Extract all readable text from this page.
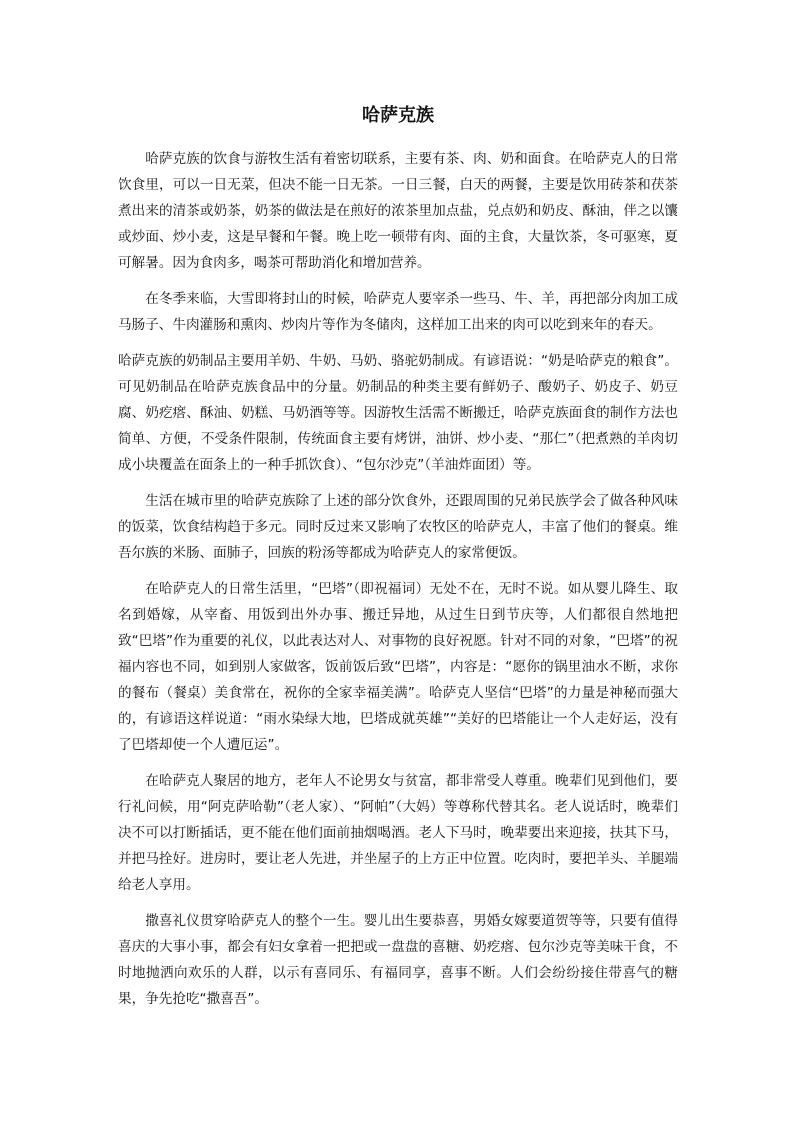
哈萨克族

哈萨克族的饮食与游牧生活有着密切联系，主要有茶、肉、奶和面食。在哈萨克人的日常饮食里，可以一日无菜，但决不能一日无茶。一日三餐，白天的两餐，主要是饮用砖茶和茯茶煮出来的清茶或奶茶，奶茶的做法是在煎好的浓茶里加点盐，兑点奶和奶皮、酥油，伴之以馕或炒面、炒小麦，这是早餐和午餐。晚上吃一顿带有肉、面的主食，大量饮茶，冬可驱寒，夏可解暑。因为食肉多，喝茶可帮助消化和增加营养。

在冬季来临，大雪即将封山的时候，哈萨克人要宰杀一些马、牛、羊，再把部分肉加工成马肠子、牛肉灌肠和熏肉、炒肉片等作为冬储肉，这样加工出来的肉可以吃到来年的春天。

哈萨克族的奶制品主要用羊奶、牛奶、马奶、骆驼奶制成。有谚语说：“奶是哈萨克的粮食”。可见奶制品在哈萨克族食品中的分量。奶制品的种类主要有鲜奶子、酸奶子、奶皮子、奶豆腐、奶疙瘩、酥油、奶糕、马奶酒等等。因游牧生活需不断搬迁，哈萨克族面食的制作方法也简单、方便，不受条件限制，传统面食主要有烤饼，油饼、炒小麦、“那仁”（把煮熟的羊肉切成小块覆盖在面条上的一种手抓饮食）、“包尔沙克”（羊油炸面团）等。

生活在城市里的哈萨克族除了上述的部分饮食外，还跟周围的兄弟民族学会了做各种风味的饭菜，饮食结构趋于多元。同时反过来又影响了农牧区的哈萨克人，丰富了他们的餐桌。维吾尔族的米肠、面肺子，回族的粉汤等都成为哈萨克人的家常便饭。

在哈萨克人的日常生活里，“巴塔”（即祝福词）无处不在，无时不说。如从婴儿降生、取名到婚嫁，从宰畜、用饭到出外办事、搬迁异地，从过生日到节庆等，人们都很自然地把致“巴塔”作为重要的礼仪，以此表达对人、对事物的良好祝愿。针对不同的对象，“巴塔”的祝福内容也不同，如到别人家做客，饭前饭后致“巴塔”，内容是：“愿你的锅里油水不断，求你的餐布（餐桌）美食常在，祝你的全家幸福美满”。哈萨克人坚信“巴塔”的力量是神秘而强大的，有谚语这样说道：“雨水染绿大地，巴塔成就英雄”“美好的巴塔能让一个人走好运，没有了巴塔却使一个人遭厄运”。

在哈萨克人聚居的地方，老年人不论男女与贫富，都非常受人尊重。晚辈们见到他们，要行礼问候，用“阿克萨哈勒”（老人家）、“阿帕”（大妈）等尊称代替其名。老人说话时，晚辈们决不可以打断插话，更不能在他们面前抽烟喝酒。老人下马时，晚辈要出来迎接，扶其下马，并把马拴好。进房时，要让老人先进，并坐屋子的上方正中位置。吃肉时，要把羊头、羊腿端给老人享用。

撒喜礼仪贯穿哈萨克人的整个一生。婴儿出生要恭喜，男婚女嫁要道贺等等，只要有值得喜庆的大事小事，都会有妇女拿着一把把或一盘盘的喜糖、奶疙瘩、包尔沙克等美味干食，不时地抛洒向欢乐的人群，以示有喜同乐、有福同享，喜事不断。人们会纷纷接住带喜气的糖果，争先抢吃“撒喜吾”。
